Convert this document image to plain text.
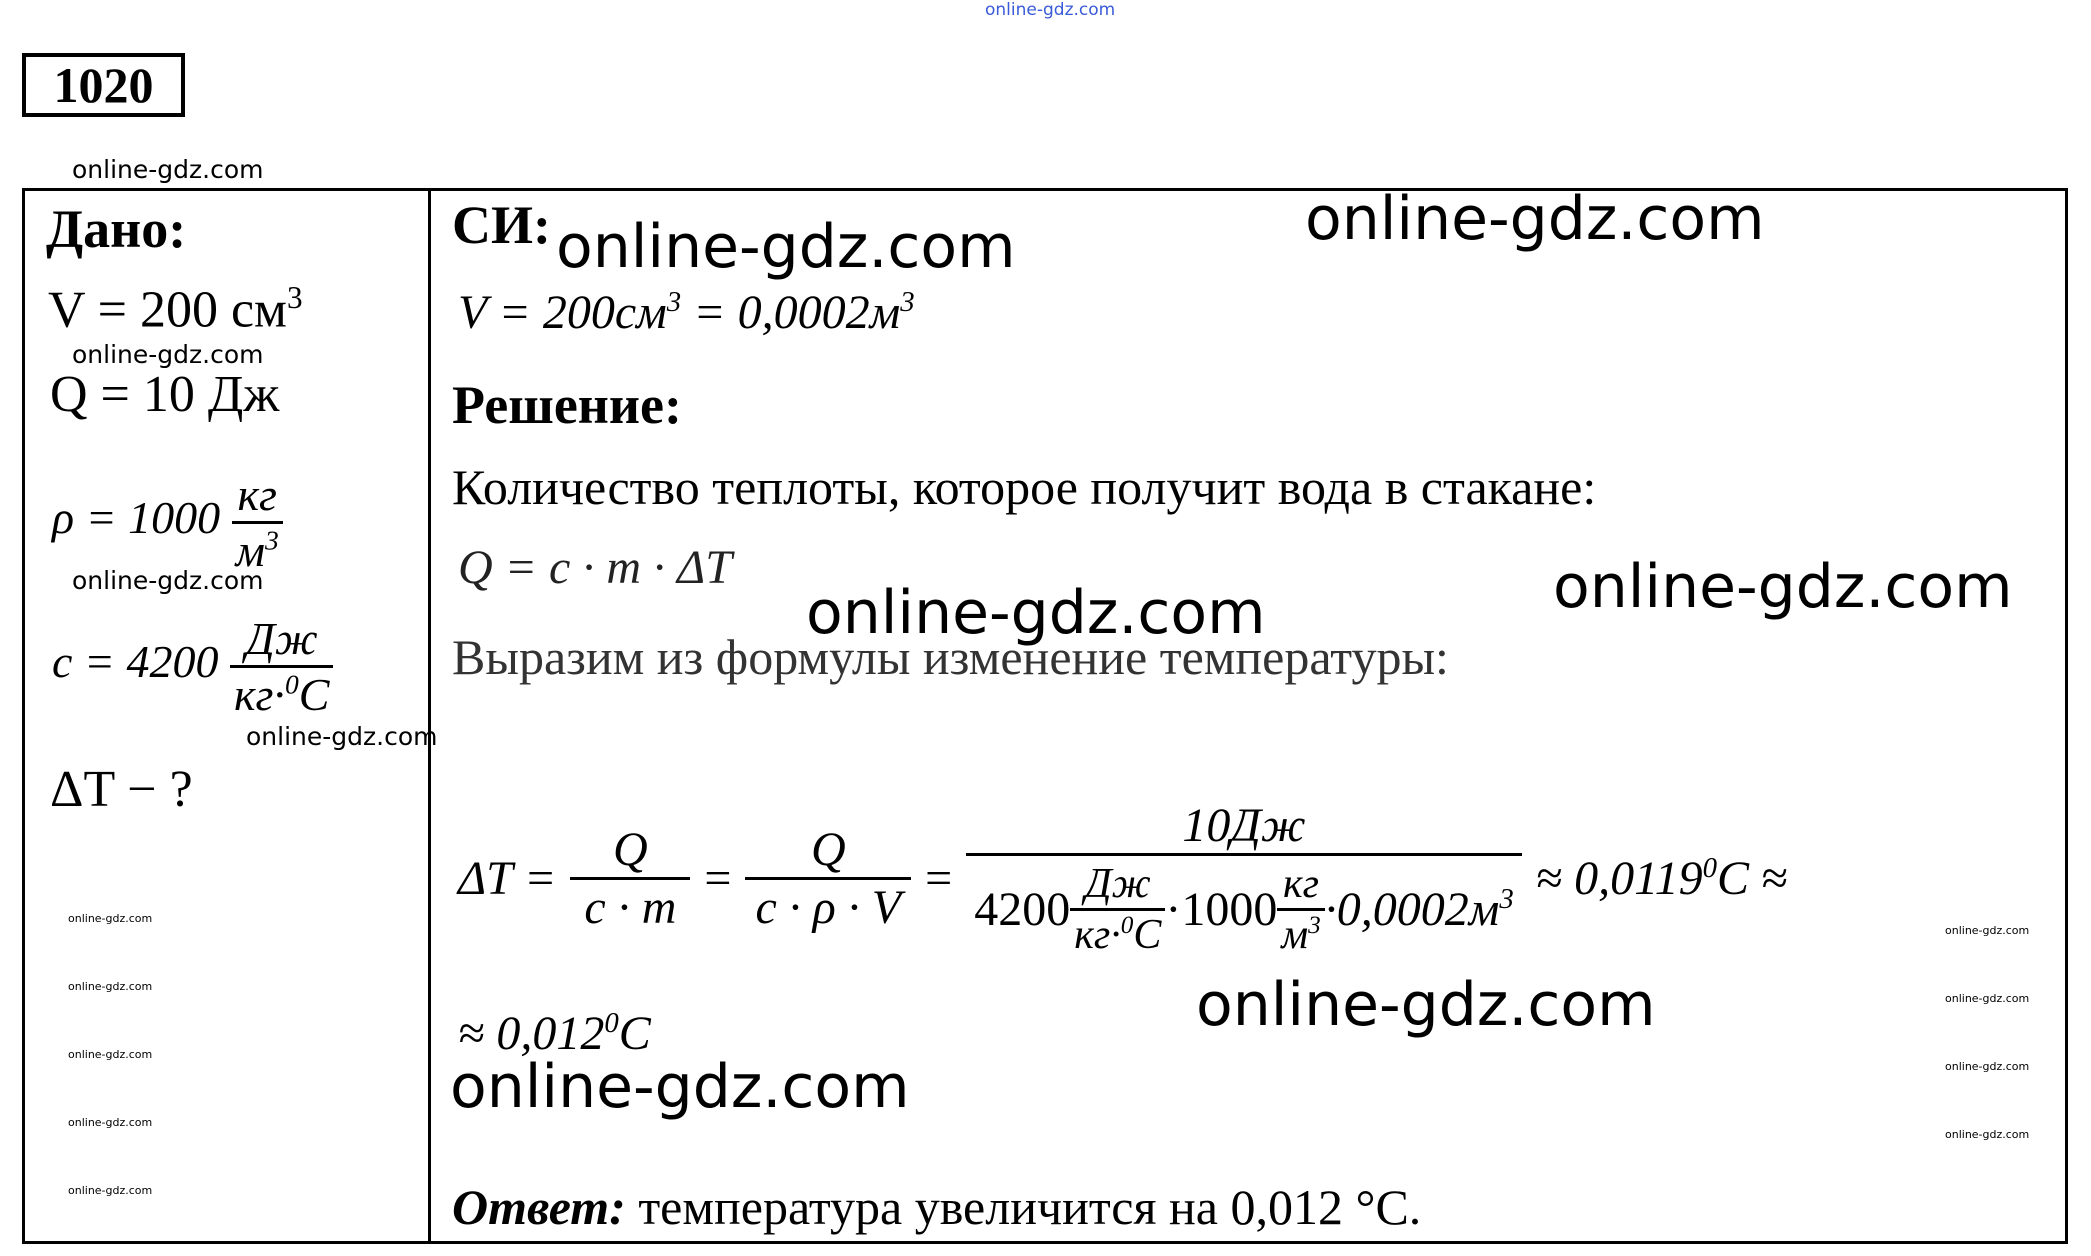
online-gdz.com
1020
online-gdz.com
Дано:
V = 200 $см^3$
online-gdz.com
Q = 10 Дж
$\rho = 1000 \frac{кг}{м^3}$
online-gdz.com
$c = 4200 \frac{Дж}{кг\cdot^0C}$
online-gdz.com
ΔT − ?
online-gdz.com
online-gdz.com
online-gdz.com
online-gdz.com
online-gdz.com
СИ: online-gdz.com	online-gdz.com
$V = 200см^3 = 0,0002м^3$
Решение:
Количество теплоты, которое получит вода в стакане:
Q = c · m · ΔT	online-gdz.com
online-gdz.com
Выразим из формулы изменение температуры:
$\Delta T = \frac{Q}{c \cdot m} = \frac{Q}{c \cdot \rho \cdot V}$ =
10Дж
$4200 \frac{Дж}{кг\cdot^0C} \cdot 1000 \frac{кг}{м^3} \cdot 0,0002м^3 \approx 0,0119^0C$ ≈
online-gdz.com
online-gdz.com
online-gdz.com
online-gdz.com
online-gdz.com
≈ $0,012^0C$
online-gdz.com
Ответ: температура увеличится на 0,012 °C.
